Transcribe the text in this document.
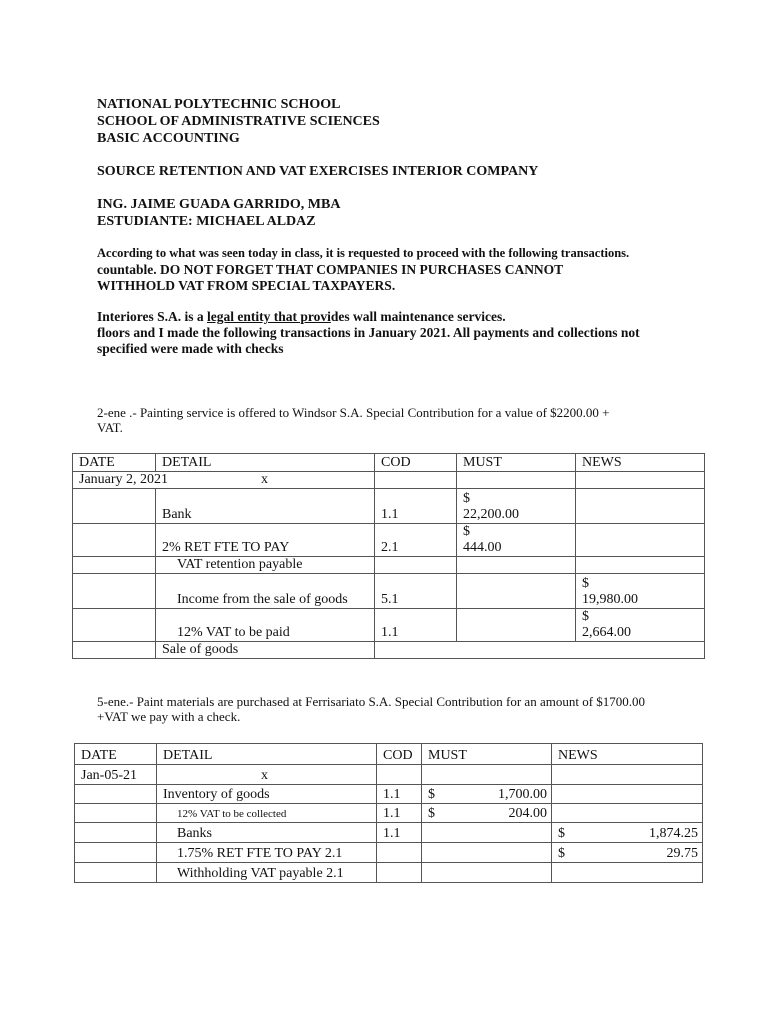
NATIONAL POLYTECHNIC SCHOOL
SCHOOL OF ADMINISTRATIVE SCIENCES
BASIC ACCOUNTING
SOURCE RETENTION AND VAT EXERCISES INTERIOR COMPANY
ING. JAIME GUADA GARRIDO, MBA
ESTUDIANTE: MICHAEL ALDAZ
According to what was seen today in class, it is requested to proceed with the following transactions.
countable. DO NOT FORGET THAT COMPANIES IN PURCHASES CANNOT
WITHHOLD VAT FROM SPECIAL TAXPAYERS.
Interiores S.A. is a legal entity that provides wall maintenance services.
floors and I made the following transactions in January 2021. All payments and collections not
specified were made with checks
2-ene .- Painting service is offered to Windsor S.A. Special Contribution for a value of $2200.00 +
VAT.
DATE	DETAIL	COD	MUST	NEWS
January 2, 2021 x				

	Bank	1.1	$
22,200.00	

	2% RET FTE TO PAY	2.1	$
444.00	

	VAT retention payable			
	Income from the sale of goods	5.1		$
19,980.00

	12% VAT to be paid	1.1		$
2,664.00

	Sale of goods			
5-ene.- Paint materials are purchased at Ferrisariato S.A. Special Contribution for an amount of $1700.00
+VAT we pay with a check.
DATE	DETAIL	COD	MUST	NEWS
Jan-05-21	x			
	Inventory of goods	1.1	$ 1,700.00	

	12% VAT to be collected	1.1	$ 204.00	

	Banks	1.1		$ 1,874.25

	1.75% RET FTE TO PAY 2.1			$ 29.75

	Withholding VAT payable 2.1			
